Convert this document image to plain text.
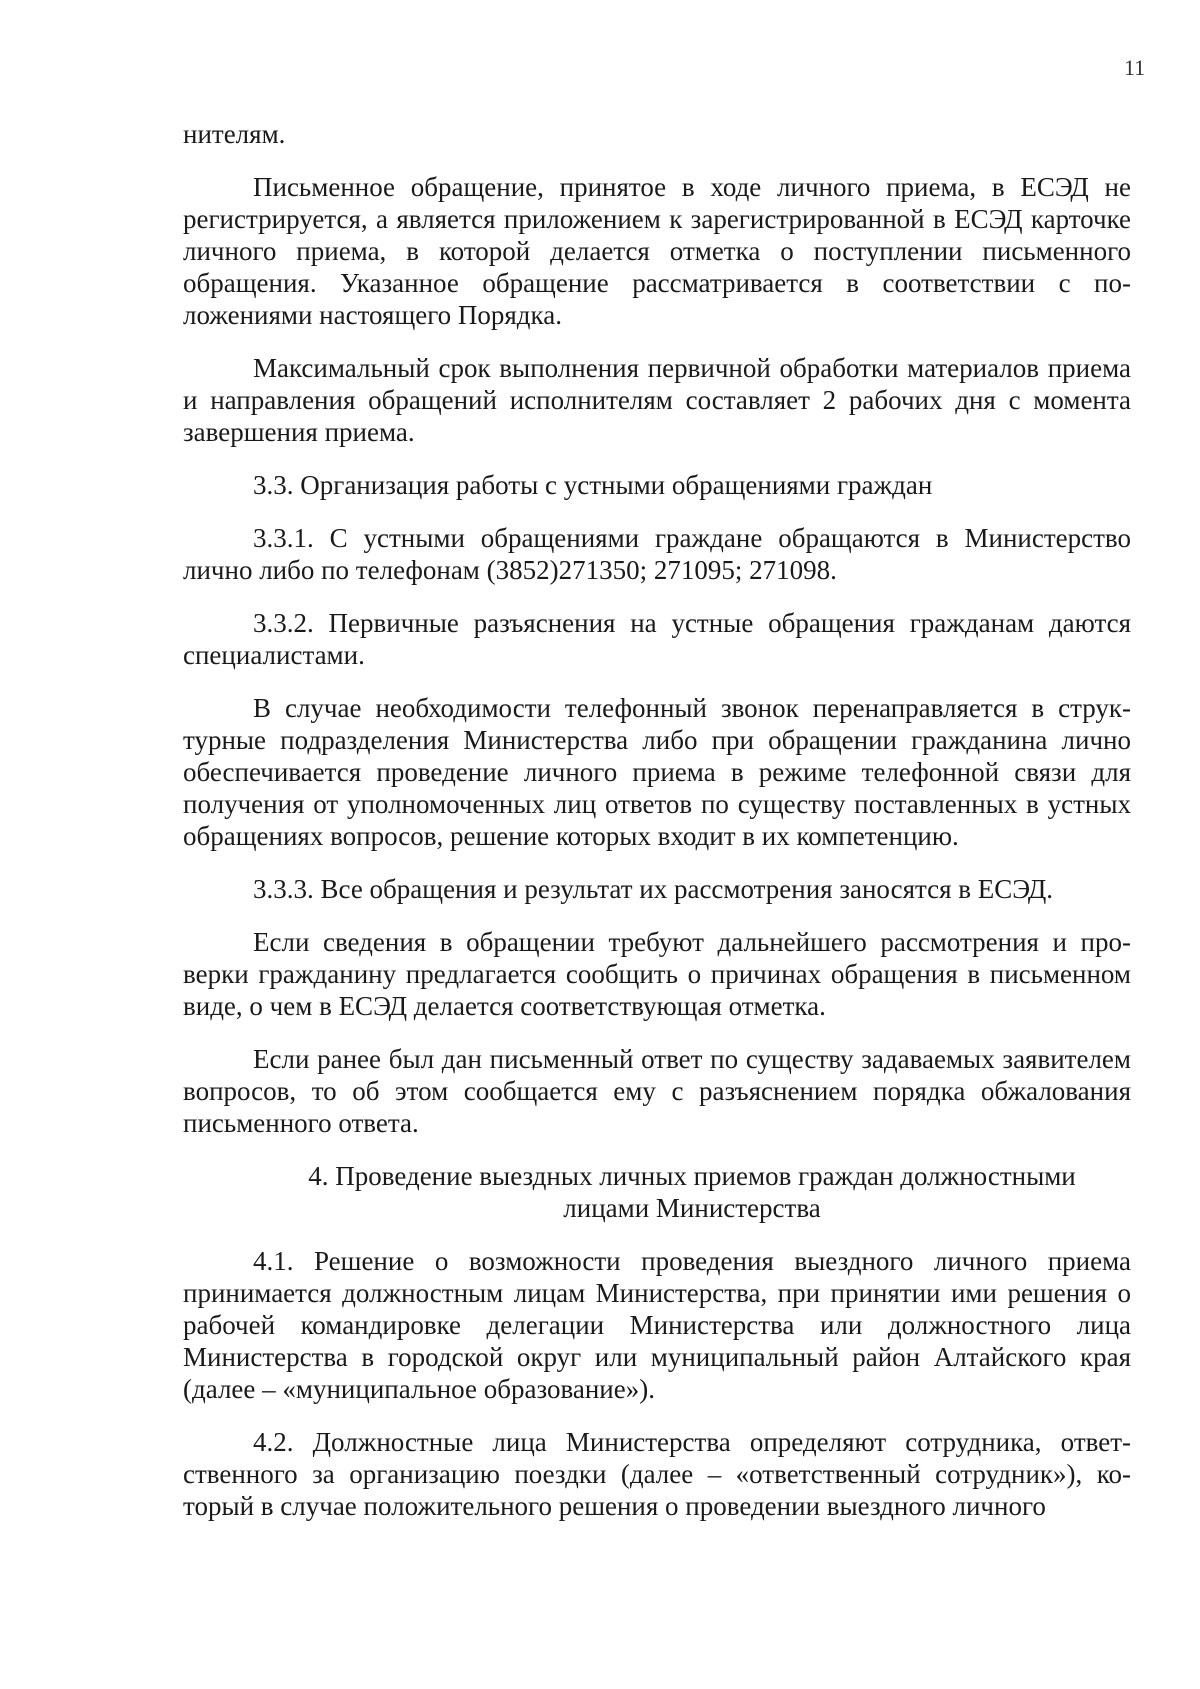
11

нителям.

Письменное обращение, принятое в ходе личного приема, в ЕСЭД не регистрируется, а является приложением к зарегистрированной в ЕСЭД карточке личного приема, в которой делается отметка о поступлении письменного обращения. Указанное обращение рассматривается в соответствии с положениями настоящего Порядка.

Максимальный срок выполнения первичной обработки материалов приема и направления обращений исполнителям составляет 2 рабочих дня с момента завершения приема.

3.3. Организация работы с устными обращениями граждан

3.3.1. С устными обращениями граждане обращаются в Министерство лично либо по телефонам (3852)271350; 271095; 271098.

3.3.2. Первичные разъяснения на устные обращения гражданам даются специалистами.

В случае необходимости телефонный звонок перенаправляется в структурные подразделения Министерства либо при обращении гражданина лично обеспечивается проведение личного приема в режиме телефонной связи для получения от уполномоченных лиц ответов по существу поставленных в устных обращениях вопросов, решение которых входит в их компетенцию.

3.3.3. Все обращения и результат их рассмотрения заносятся в ЕСЭД.

Если сведения в обращении требуют дальнейшего рассмотрения и проверки гражданину предлагается сообщить о причинах обращения в письменном виде, о чем в ЕСЭД делается соответствующая отметка.

Если ранее был дан письменный ответ по существу задаваемых заявителем вопросов, то об этом сообщается ему с разъяснением порядка обжалования письменного ответа.

4. Проведение выездных личных приемов граждан должностными
лицами Министерства

4.1. Решение о возможности проведения выездного личного приема принимается должностным лицам Министерства, при принятии ими решения о рабочей командировке делегации Министерства или должностного лица Министерства в городской округ или муниципальный район Алтайского края (далее – «муниципальное образование»).

4.2. Должностные лица Министерства определяют сотрудника, ответственного за организацию поездки (далее – «ответственный сотрудник»), который в случае положительного решения о проведении выездного личного
